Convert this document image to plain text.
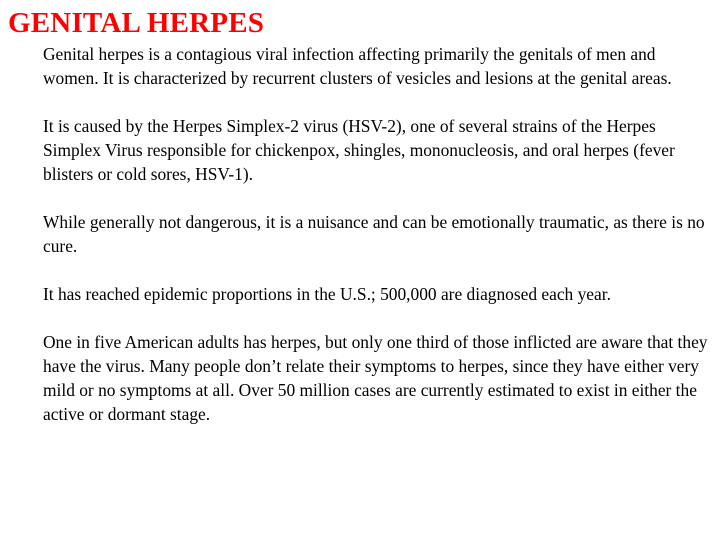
GENITAL HERPES

Genital herpes is a contagious viral infection affecting primarily the genitals of men and women. It is characterized by recurrent clusters of vesicles and lesions at the genital areas.

It is caused by the Herpes Simplex-2 virus (HSV-2), one of several strains of the Herpes Simplex Virus responsible for chickenpox, shingles, mononucleosis, and oral herpes (fever blisters or cold sores, HSV-1).

While generally not dangerous, it is a nuisance and can be emotionally traumatic, as there is no cure.

It has reached epidemic proportions in the U.S.; 500,000 are diagnosed each year.

One in five American adults has herpes, but only one third of those inflicted are aware that they have the virus. Many people don’t relate their symptoms to herpes, since they have either very mild or no symptoms at all. Over 50 million cases are currently estimated to exist in either the active or dormant stage.
